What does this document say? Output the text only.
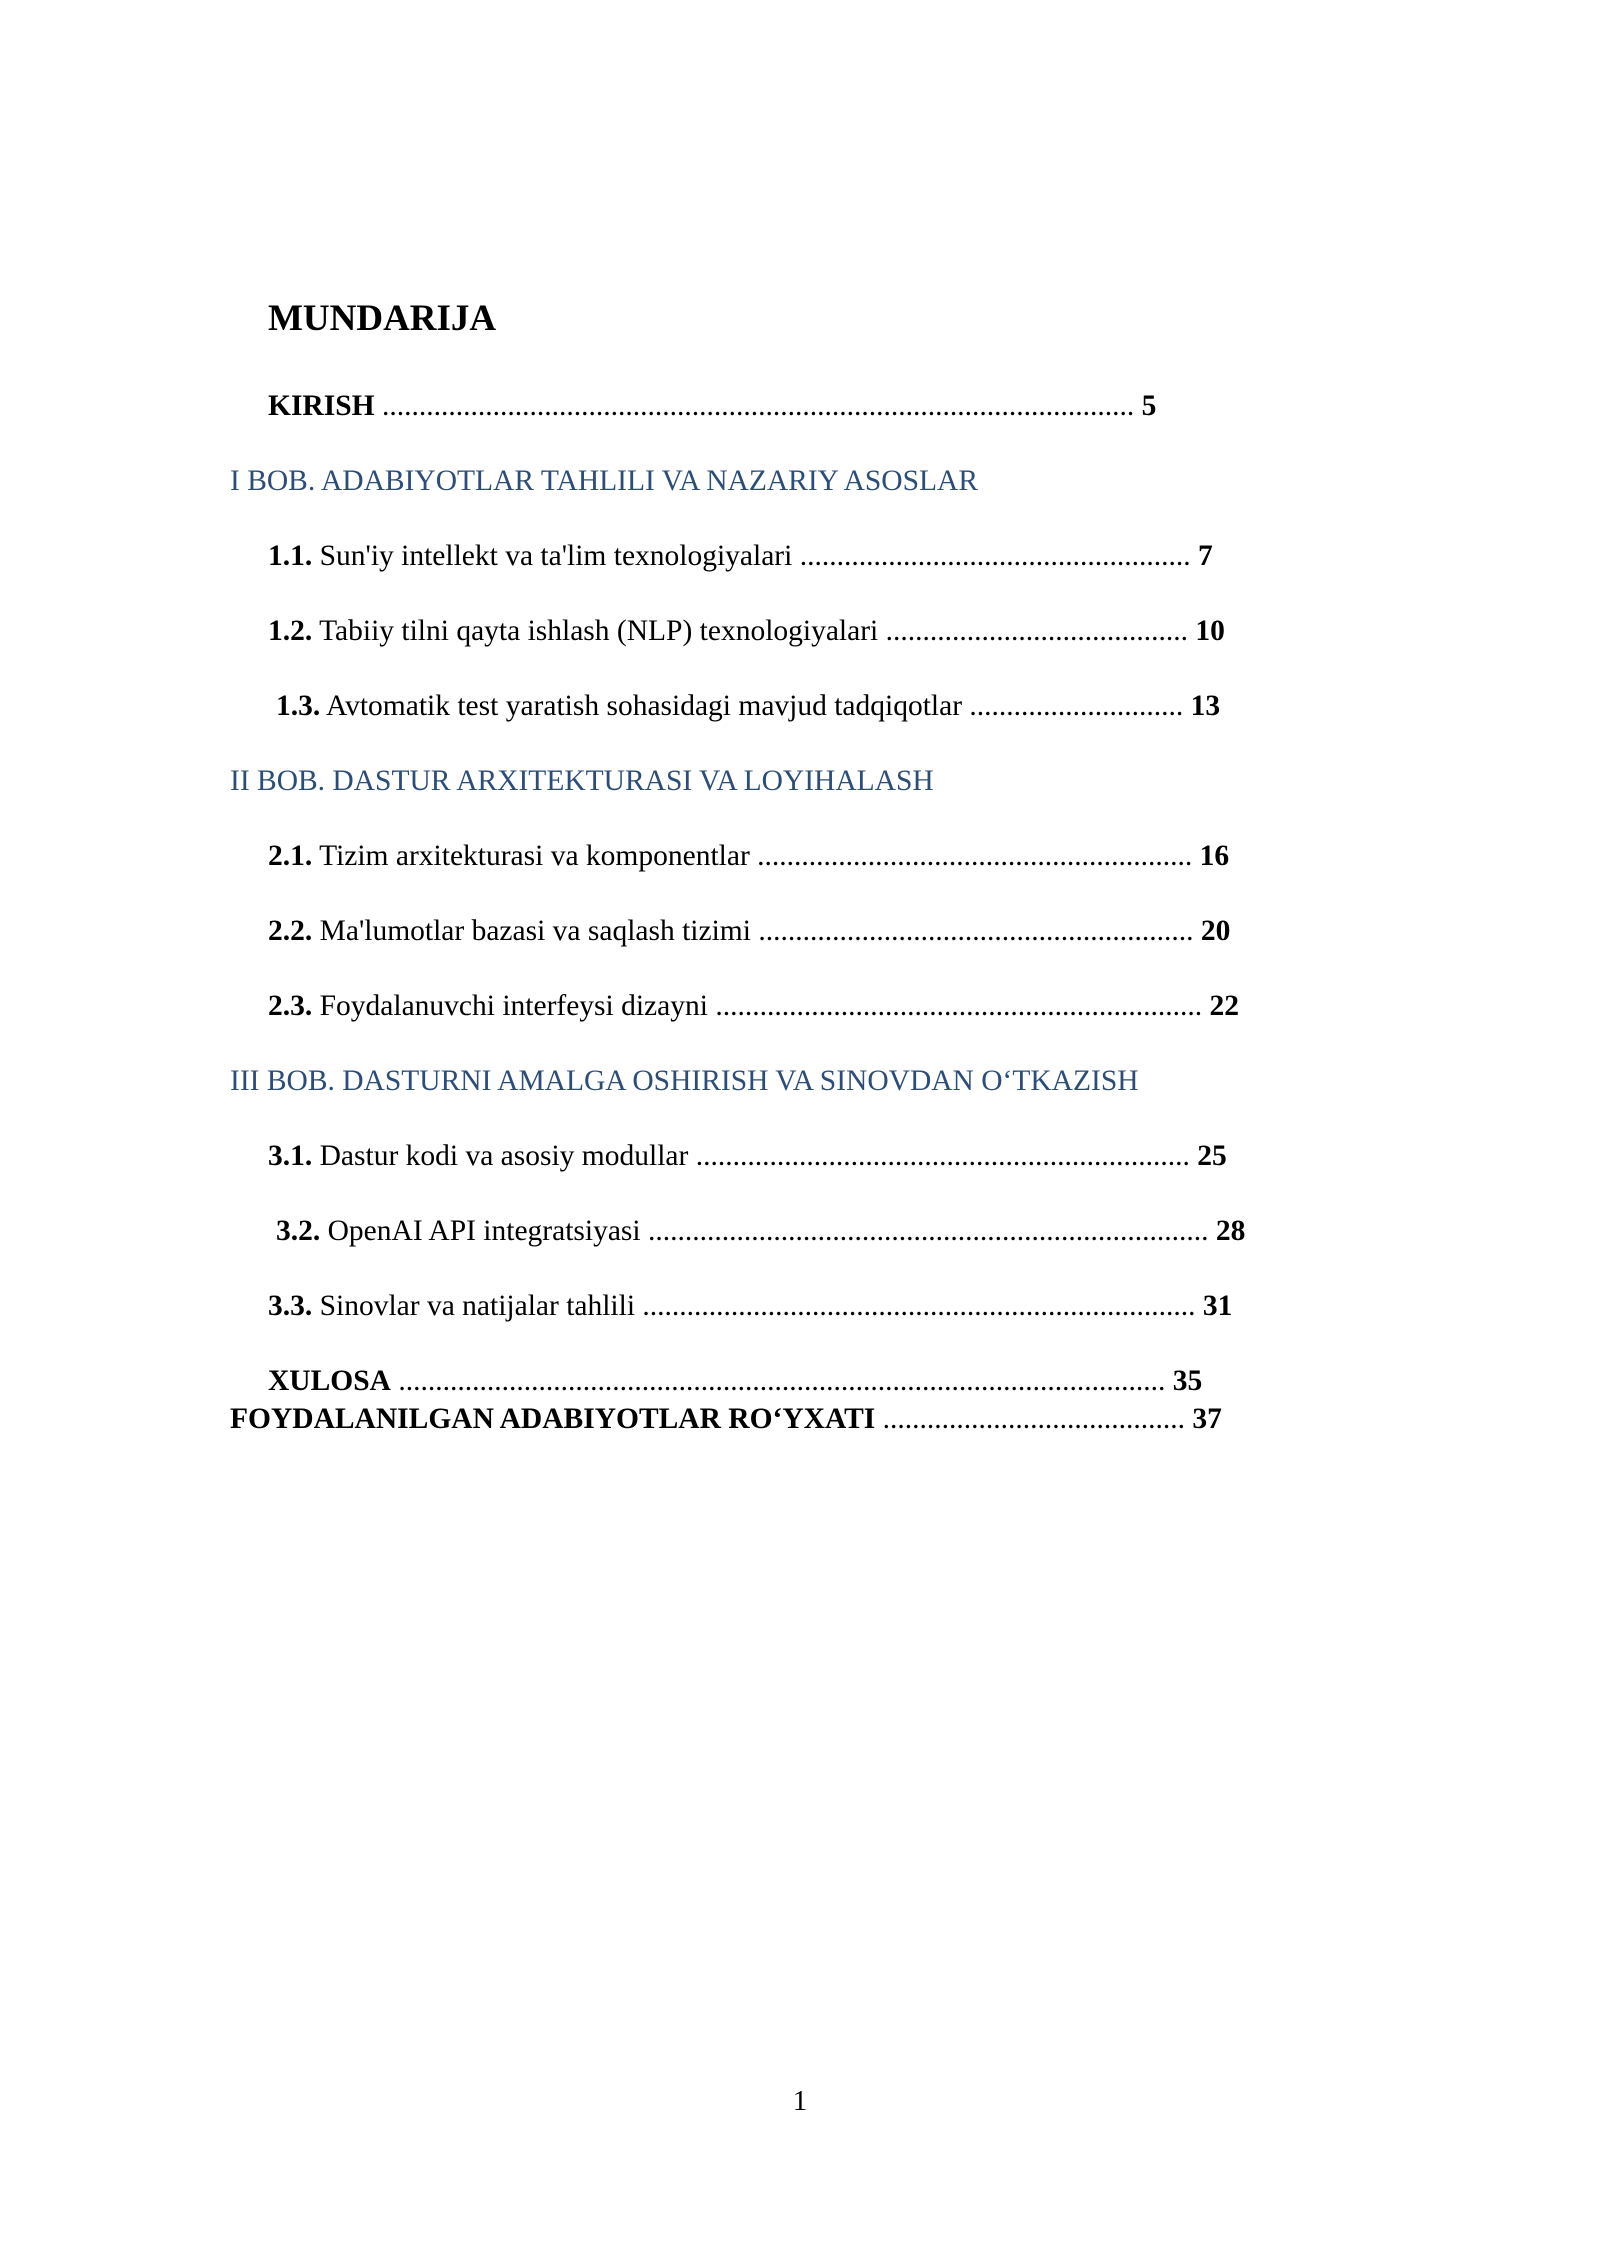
MUNDARIJA
KIRISH ...................................................................................................... 5
I BOB. ADABIYOTLAR TAHLILI VA NAZARIY ASOSLAR
1.1. Sun'iy intellekt va ta'lim texnologiyalari ..................................................... 7
1.2. Tabiiy tilni qayta ishlash (NLP) texnologiyalari ......................................... 10
1.3. Avtomatik test yaratish sohasidagi mavjud tadqiqotlar ............................. 13
II BOB. DASTUR ARXITEKTURASI VA LOYIHALASH
2.1. Tizim arxitekturasi va komponentlar ........................................................... 16
2.2. Ma'lumotlar bazasi va saqlash tizimi ........................................................... 20
2.3. Foydalanuvchi interfeysi dizayni .................................................................. 22
III BOB. DASTURNI AMALGA OSHIRISH VA SINOVDAN O‘TKAZISH
3.1. Dastur kodi va asosiy modullar ................................................................... 25
3.2. OpenAI API integratsiyasi ............................................................................ 28
3.3. Sinovlar va natijalar tahlili ........................................................................... 31
XULOSA ........................................................................................................ 35
FOYDALANILGAN ADABIYOTLAR RO‘YXATI ......................................... 37
1
